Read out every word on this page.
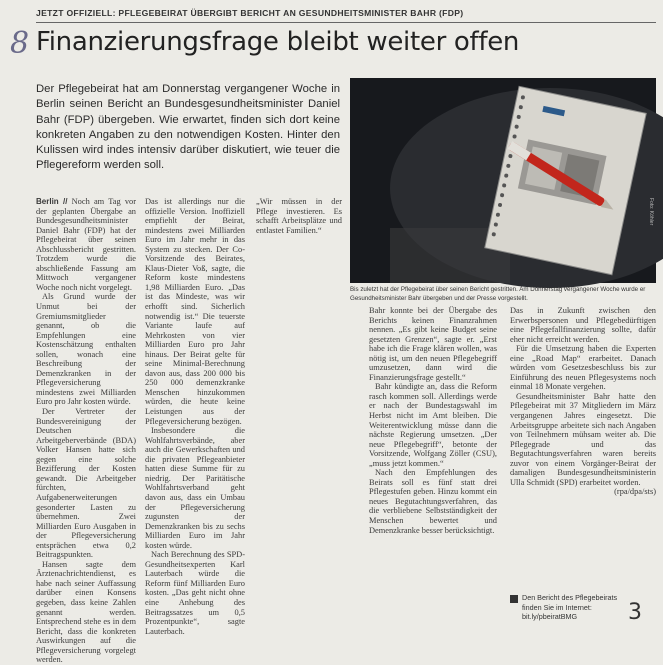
JETZT OFFIZIELL: PFLEGEBEIRAT ÜBERGIBT BERICHT AN GESUNDHEITSMINISTER BAHR (FDP)
8 Finanzierungsfrage bleibt weiter offen
Der Pflegebeirat hat am Donnerstag vergangener Woche in Berlin seinen Bericht an Bundesgesundheitsminister Daniel Bahr (FDP) übergeben. Wie erwartet, finden sich dort keine konkreten Angaben zu den notwendigen Kosten. Hinter den Kulissen wird indes intensiv darüber diskutiert, wie teuer die Pflegereform werden soll.
Foto: Köhler
Bis zuletzt hat der Pflegebeirat über seinen Bericht gestritten. Am Donnerstag vergangener Woche wurde er Gesundheitsminister Bahr übergeben und der Presse vorgestellt.

Berlin // Noch am Tag vor der geplanten Übergabe an Bundesgesundheitsminister Daniel Bahr (FDP) hat der Pflegebeirat über seinen Abschlussbericht gestritten. Trotzdem wurde die abschließende Fassung am Mittwoch vergangener Woche noch nicht vorgelegt.

Als Grund wurde der Unmut bei der Gremiumsmitglieder genannt, ob die Empfehlungen eine Kostenschätzung enthalten sollen, wonach eine Beschreibung der Demenzkranken in der Pflegeversicherung mindestens zwei Milliarden Euro pro Jahr kosten würde.

Der Vertreter der Bundesvereinigung der Deutschen Arbeitgeberverbände (BDA) Volker Hansen hatte sich gegen eine solche Bezifferung der Kosten gewandt. Die Arbeitgeber fürchten, Aufgabenerweiterungen gesonderter Lasten zu übernehmen. Zwei Milliarden Euro Ausgaben in der Pflegeversicherung entsprächen etwa 0,2 Beitragspunkten.

Hansen sagte dem Ärztenachrichtendienst, es habe nach seiner Auffassung darüber einen Konsens gegeben, dass keine Zahlen genannt werden. Entsprechend stehe es in dem Bericht, dass die konkreten Auswirkungen auf die Pflegeversicherung vorgelegt werden.

Das ist allerdings nur die offizielle Version. Inoffiziell empfiehlt der Beirat, mindestens zwei Milliarden Euro im Jahr mehr in das System zu stecken. Der Co-Vorsitzende des Beirates, Klaus-Dieter Voß, sagte, die Reform koste mindestens 1,98 Milliarden Euro. „Das ist das Mindeste, was wir erhofft sind. Sicherlich notwendig ist.“ Die teuerste Variante laufe auf Mehrkosten von vier Milliarden Euro pro Jahr hinaus. Der Beirat gelte für seine Minimal-Berechnung davon aus, dass 200 000 bis 250 000 demenzkranke Menschen hinzukommen würden, die heute keine Leistungen aus der Pflegeversicherung bezögen.

Insbesondere die Wohlfahrtsverbände, aber auch die Gewerkschaften und die privaten Pflegeanbieter hatten diese Summe für zu niedrig. Der Paritätische Wohlfahrtsverband geht davon aus, dass ein Umbau der Pflegeversicherung zugunsten der Demenzkranken bis zu sechs Milliarden Euro im Jahr kosten würde.

Nach Berechnung des SPD-Gesundheitsexperten Karl Lauterbach würde die Reform fünf Milliarden Euro kosten. „Das geht nicht ohne eine Anhebung des Beitragssatzes um 0,5 Prozentpunkte“, sagte Lauterbach.

„Wir müssen in der Pflege investieren. Es schafft Arbeitsplätze und entlastet Familien.“

Bahr konnte bei der Übergabe des Berichts keinen Finanzrahmen nennen. „Es gibt keine Budget seine gesetzten Grenzen“, sagte er. „Erst habe ich die Frage klären wollen, was nötig ist, um den neuen Pflegebegriff umzusetzen, dann wird die Finanzierungsfrage gestellt.“

Bahr kündigte an, dass die Reform rasch kommen soll. Allerdings werde er nach der Bundestagswahl im Herbst nicht im Amt bleiben. Die Weiterentwicklung müsse dann die nächste Regierung umsetzen. „Der neue Pflegebegriff“, betonte der Vorsitzende, Wolfgang Zöller (CSU), „muss jetzt kommen.“

Nach den Empfehlungen des Beirats soll es fünf statt drei Pflegestufen geben. Hinzu kommt ein neues Begutachtungsverfahren, das die verbliebene Selbstständigkeit der Menschen bewertet und Demenzkranke besser berücksichtigt.

Das in Zukunft zwischen den Erwerbspersonen und Pflegebedürftigen eine Pflegefallfinanzierung sollte, dafür eher nicht erreicht werden.

Für die Umsetzung haben die Experten eine „Road Map“ erarbeitet. Danach würden vom Gesetzesbeschluss bis zur Einführung des neuen Pflegesystems noch einmal 18 Monate vergehen.

Gesundheitsminister Bahr hatte den Pflegebeirat mit 37 Mitgliedern im März vergangenen Jahres eingesetzt. Die Arbeitsgruppe arbeitete sich nach Angaben von Teilnehmern mühsam weiter ab. Die Pflegegrade und das Begutachtungsverfahren waren bereits zuvor von einem Vorgänger-Beirat der damaligen Bundesgesundheitsministerin Ulla Schmidt (SPD) erarbeitet worden.

(rpa/dpa/sts)
Den Bericht des Pflegebeirats finden Sie im Internet: bit.ly/pbeiratBMG	3
